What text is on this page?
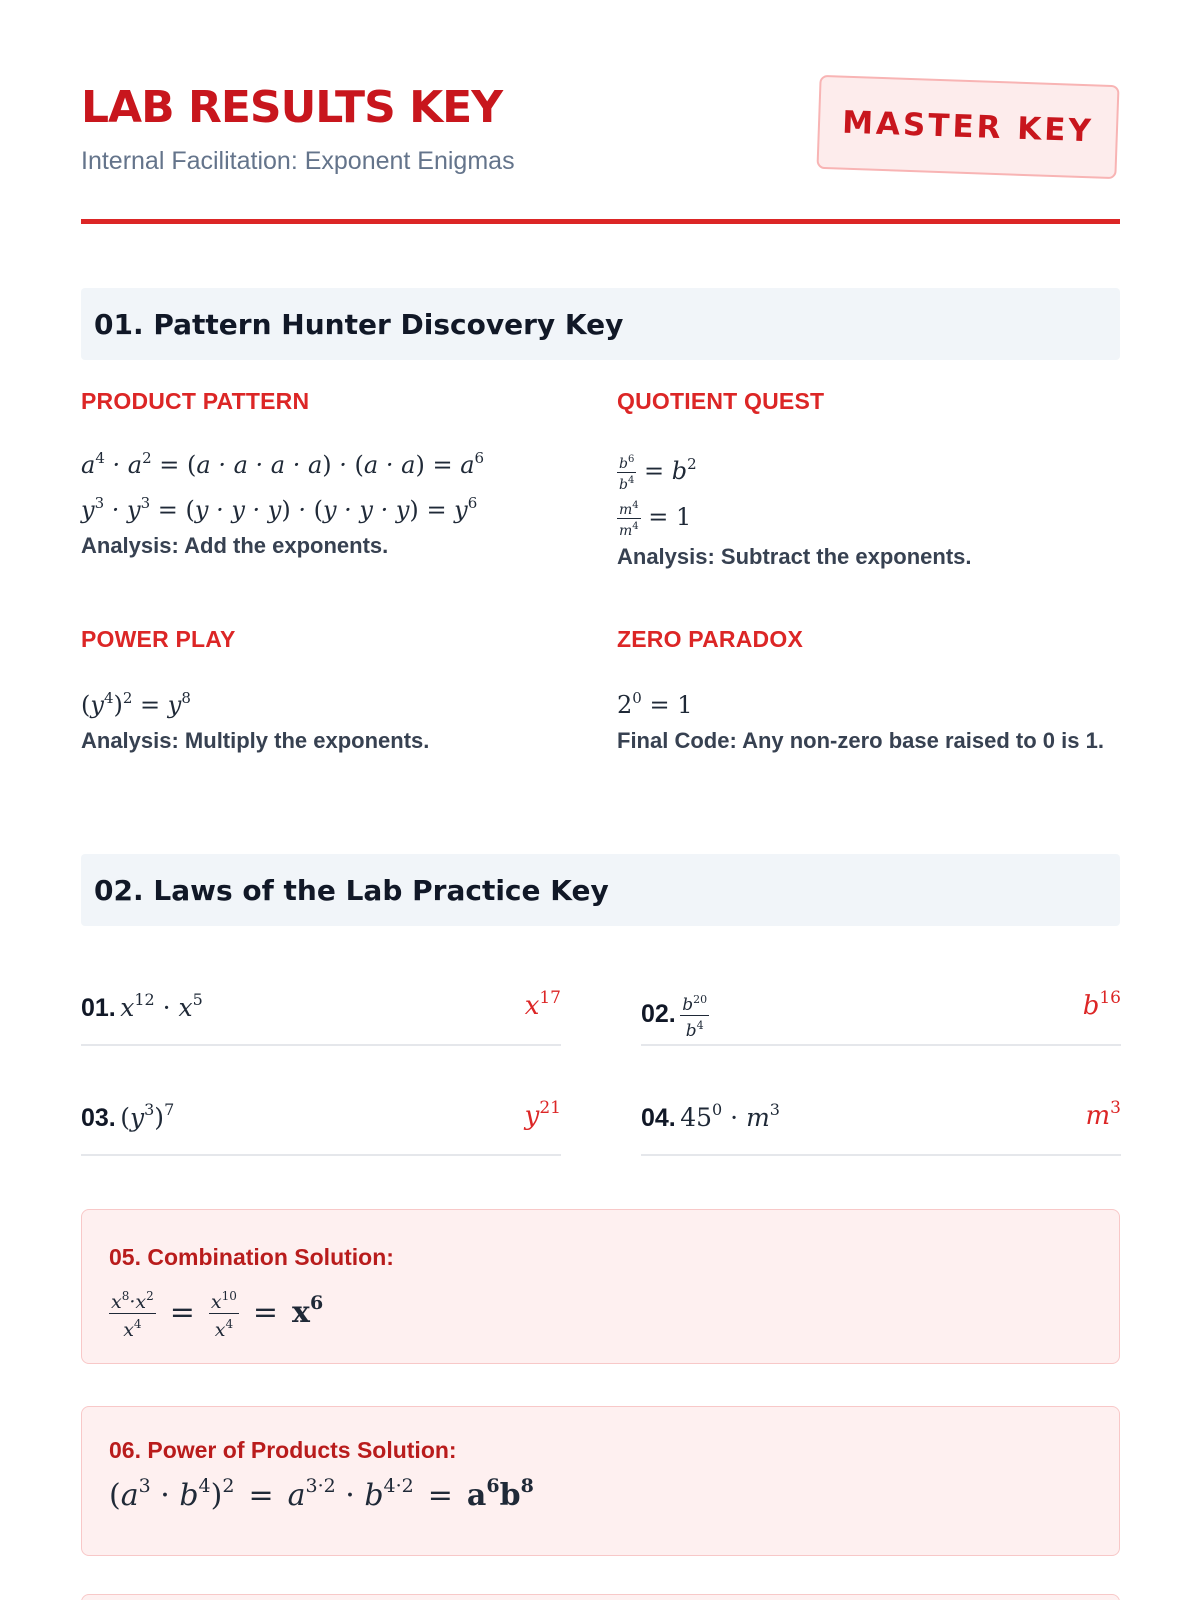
LAB RESULTS KEY
Internal Facilitation: Exponent Enigmas
MASTER KEY
01. Pattern Hunter Discovery Key
PRODUCT PATTERN
$a^4 \cdot a^2 = (a \cdot a \cdot a \cdot a) \cdot (a \cdot a) = a^6$
$y^3 \cdot y^3 = (y \cdot y \cdot y) \cdot (y \cdot y \cdot y) = y^6$
Analysis: Add the exponents.
QUOTIENT QUEST
$\frac{b^6}{b^4} = b^2$
$\frac{m^4}{m^4} = 1$
Analysis: Subtract the exponents.
POWER PLAY
$(y^4)^2 = y^8$
Analysis: Multiply the exponents.
ZERO PARADOX
$2^0 = 1$
Final Code: Any non-zero base raised to 0 is 1.
02. Laws of the Lab Practice Key
01. $x^{12} \cdot x^5$	$x^{17}$
02. $\frac{b^{20}}{b^4}$	$b^{16}$
03. $(y^3)^7$	$y^{21}$	04. $45^0 \cdot m^3$	$m^3$
05. Combination Solution:
$\frac{x^8\cdot x^2}{x^4} = \frac{x^{10}}{x^4} = x^6$
06. Power of Products Solution:
$(a^3 \cdot b^4)^2 = a^{3\cdot 2} \cdot b^{4\cdot 2} = a^6b^8$
